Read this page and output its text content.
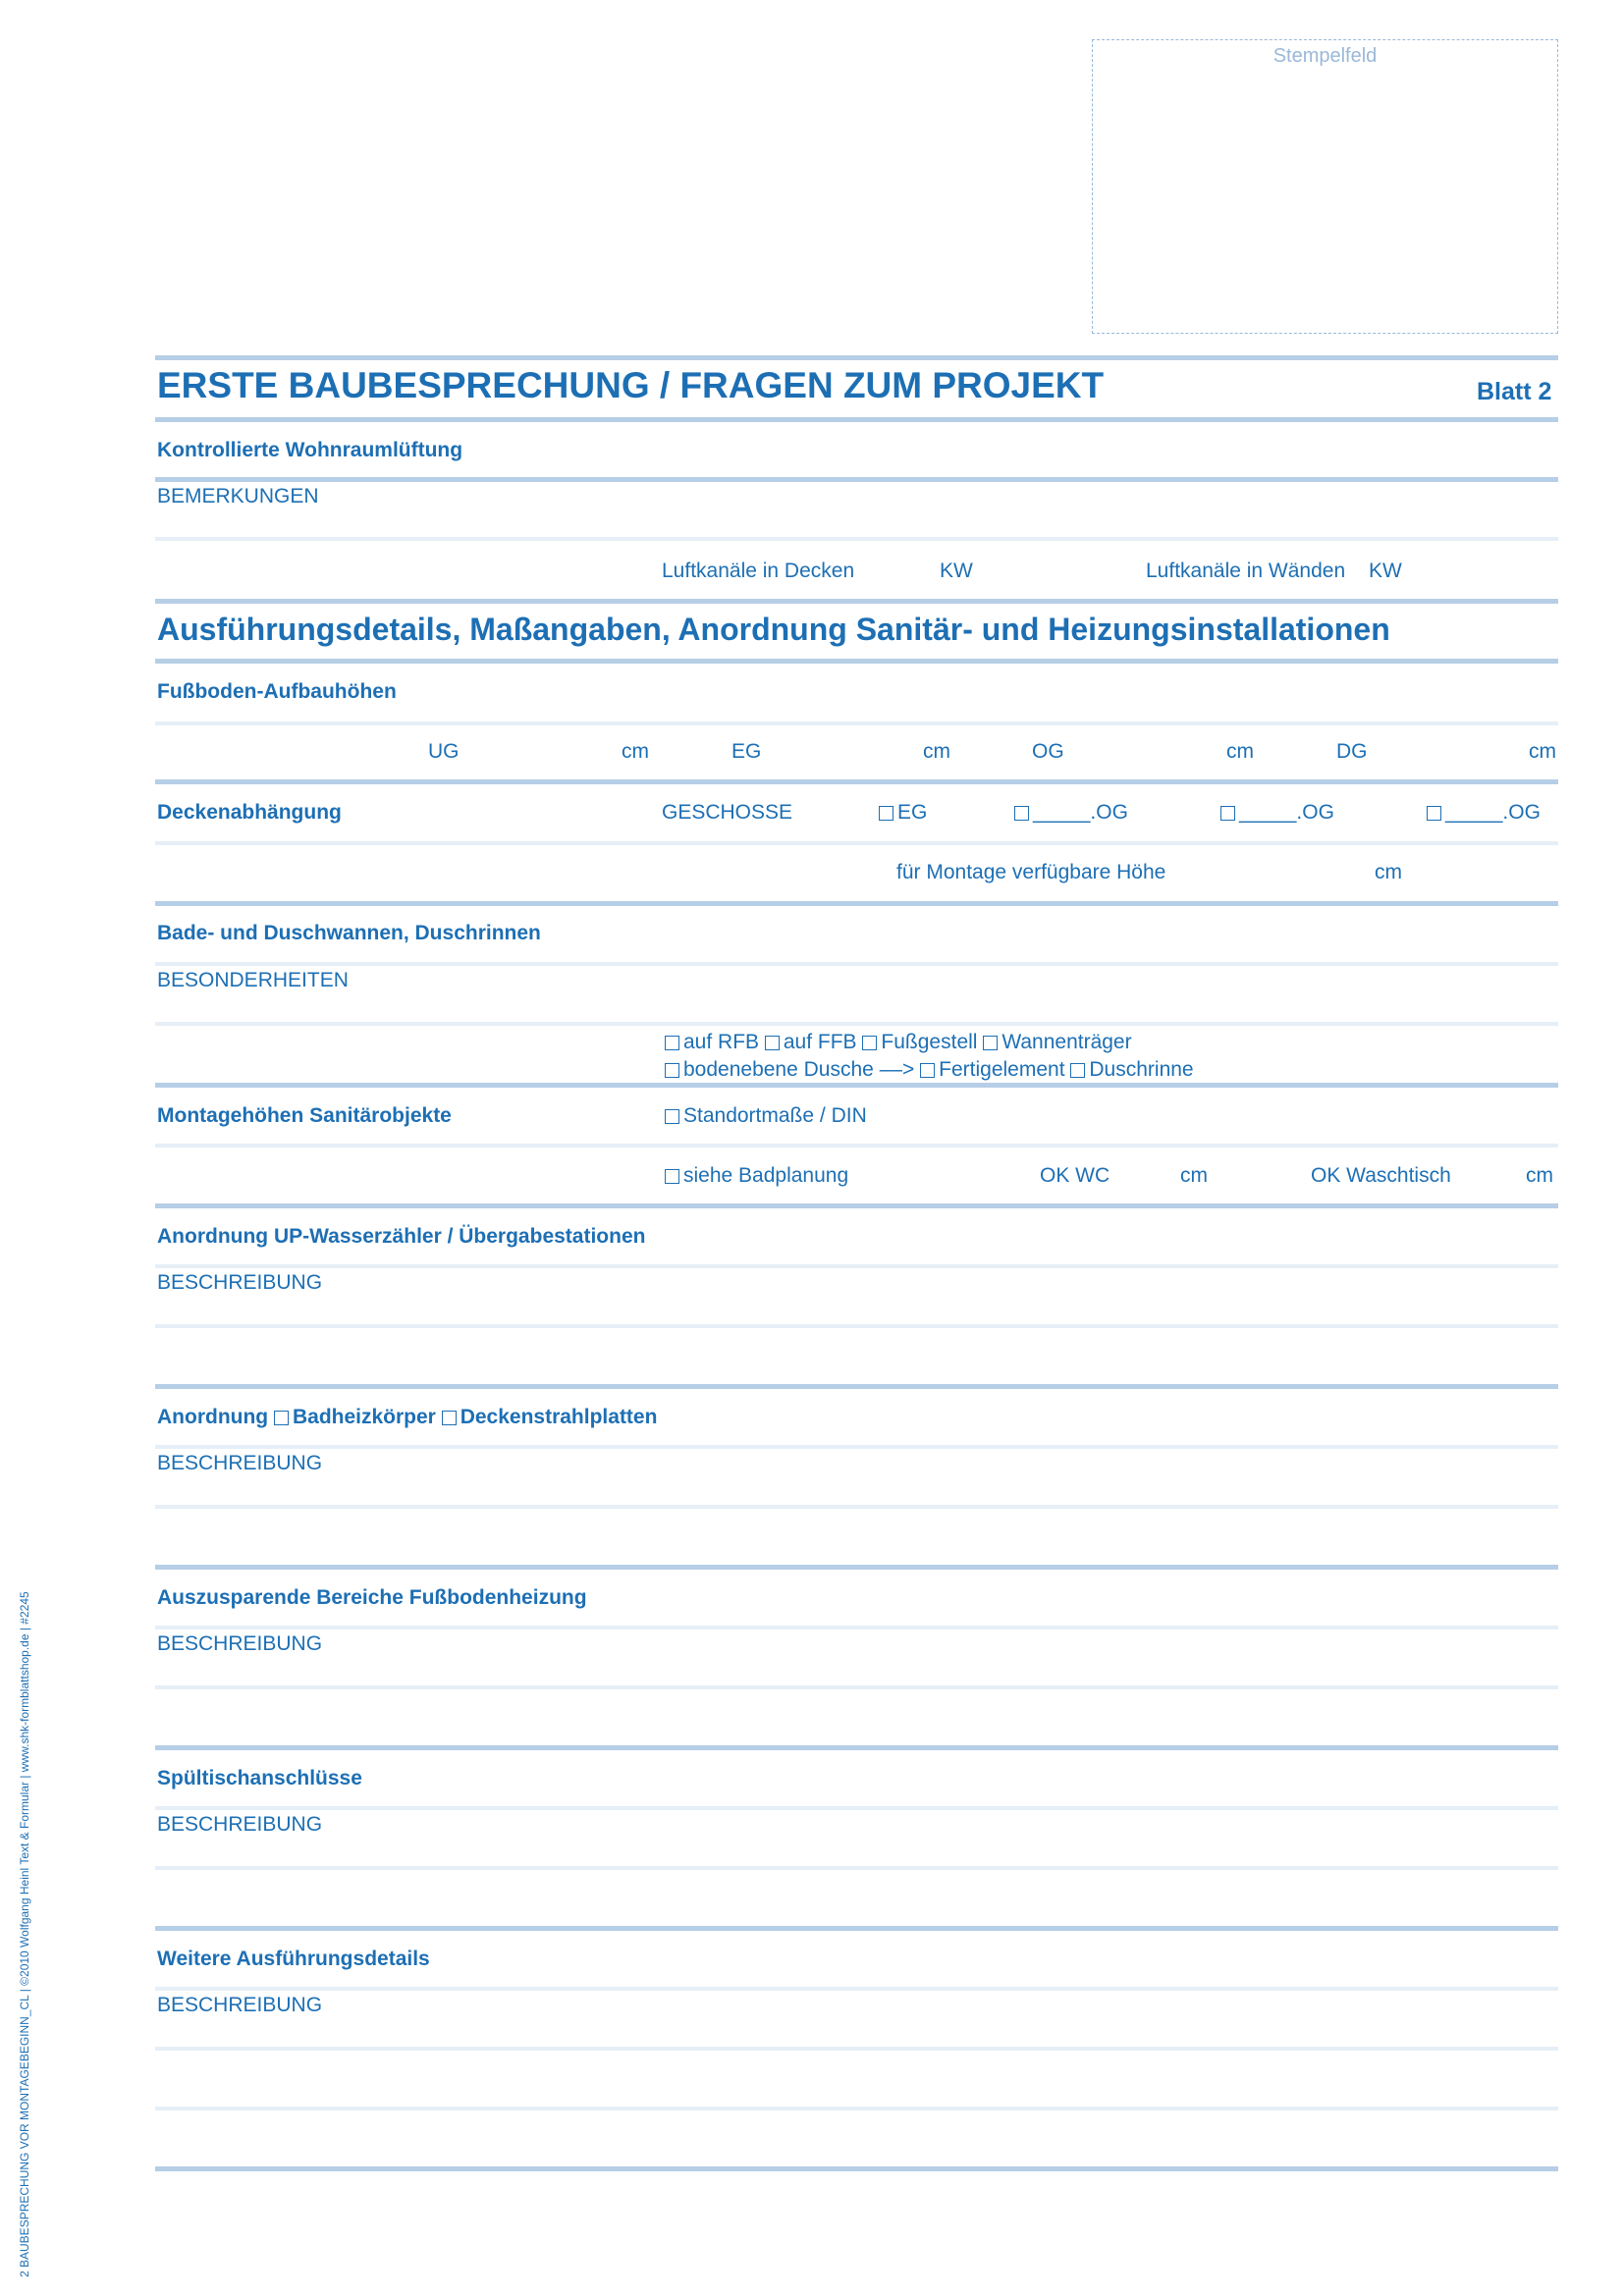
Stempelfeld
ERSTE BAUBESPRECHUNG / FRAGEN ZUM PROJEKT	Blatt 2
Kontrollierte Wohnraumlüftung
BEMERKUNGEN
Luftkanäle in Decken	KW	Luftkanäle in Wänden KW
Ausführungsdetails, Maßangaben, Anordnung Sanitär- und Heizungsinstallationen
Fußboden-Aufbauhöhen
UG	cm	EG	cm	OG	cm	DG	cm
Deckenabhängung	GESCHOSSE	EG	_____.OG	_____.OG	_____.OG
für Montage verfügbare Höhe	cm
Bade- und Duschwannen, Duschrinnen
BESONDERHEITEN
auf RFB auf FFB Fußgestell Wannenträger
bodenebene Dusche ––> Fertigelement Duschrinne
Montagehöhen Sanitärobjekte	Standortmaße / DIN
siehe Badplanung	OK WC	cm	OK Waschtisch	cm
Anordnung UP-Wasserzähler / Übergabestationen
BESCHREIBUNG
Anordnung Badheizkörper Deckenstrahlplatten
BESCHREIBUNG
Auszusparende Bereiche Fußbodenheizung
BESCHREIBUNG
Spültischanschlüsse
BESCHREIBUNG
Weitere Ausführungsdetails
BESCHREIBUNG
2 BAUBESPRECHUNG VOR MONTAGEBEGINN_CL | ©2010 Wolfgang Heinl Text & Formular | www.shk-formblattshop.de | #2245
